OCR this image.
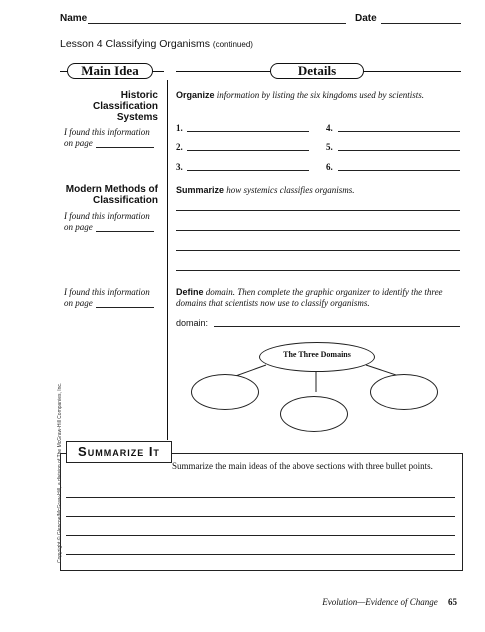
Name	Date
Lesson 4 Classifying Organisms (continued)
Main Idea	Details
Historic Classification Systems
I found this information
on page
Organize information by listing the six kingdoms used by scientists.
1.
2.
3.
4.
5.
6.
Modern Methods of Classification
I found this information
on page
Summarize how systemics classifies organisms.
I found this information
on page
Define domain. Then complete the graphic organizer to identify the three domains that scientists now use to classify organisms.
domain:
The Three Domains
Summarize It
Summarize the main ideas of the above sections with three bullet points.
Copyright © Glencoe/McGraw-Hill, a division of The McGraw-Hill Companies, Inc.
Evolution—Evidence of Change 65
